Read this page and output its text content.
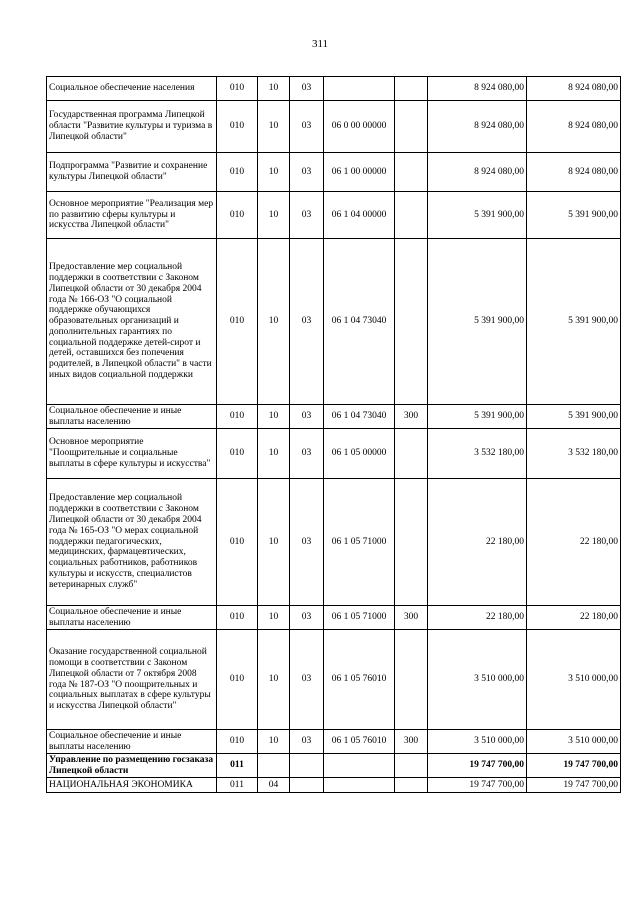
311
Социальное обеспечение населения	010	10	03			8 924 080,00	8 924 080,00
Государственная программа Липецкой области "Развитие культуры и туризма в Липецкой области"	010	10	03	06 0 00 00000		8 924 080,00	8 924 080,00
Подпрограмма "Развитие и сохранение культуры Липецкой области"	010	10	03	06 1 00 00000		8 924 080,00	8 924 080,00
Основное мероприятие "Реализация мер по развитию сферы культуры и искусства Липецкой области"	010	10	03	06 1 04 00000		5 391 900,00	5 391 900,00
Предоставление мер социальной поддержки в соответствии с Законом Липецкой области от 30 декабря 2004 года № 166-ОЗ "О социальной поддержке обучающихся образовательных организаций и дополнительных гарантиях по социальной поддержке детей-сирот и детей, оставшихся без попечения родителей, в Липецкой области" в части иных видов социальной поддержки	010	10	03	06 1 04 73040		5 391 900,00	5 391 900,00
Социальное обеспечение и иные выплаты населению	010	10	03	06 1 04 73040	300	5 391 900,00	5 391 900,00
Основное мероприятие "Поощрительные и социальные выплаты в сфере культуры и искусства"	010	10	03	06 1 05 00000		3 532 180,00	3 532 180,00
Предоставление мер социальной поддержки в соответствии с Законом Липецкой области от 30 декабря 2004 года № 165-ОЗ "О мерах социальной поддержки педагогических, медицинских, фармацевтических, социальных работников, работников культуры и искусств, специалистов ветеринарных служб"	010	10	03	06 1 05 71000		22 180,00	22 180,00
Социальное обеспечение и иные выплаты населению	010	10	03	06 1 05 71000	300	22 180,00	22 180,00
Оказание государственной социальной помощи в соответствии с Законом Липецкой области от 7 октября 2008 года № 187-ОЗ "О поощрительных и социальных выплатах в сфере культуры и искусства Липецкой области"	010	10	03	06 1 05 76010		3 510 000,00	3 510 000,00
Социальное обеспечение и иные выплаты населению	010	10	03	06 1 05 76010	300	3 510 000,00	3 510 000,00
Управление по размещению госзаказа Липецкой области	011					19 747 700,00	19 747 700,00
НАЦИОНАЛЬНАЯ ЭКОНОМИКА	011	04				19 747 700,00	19 747 700,00
